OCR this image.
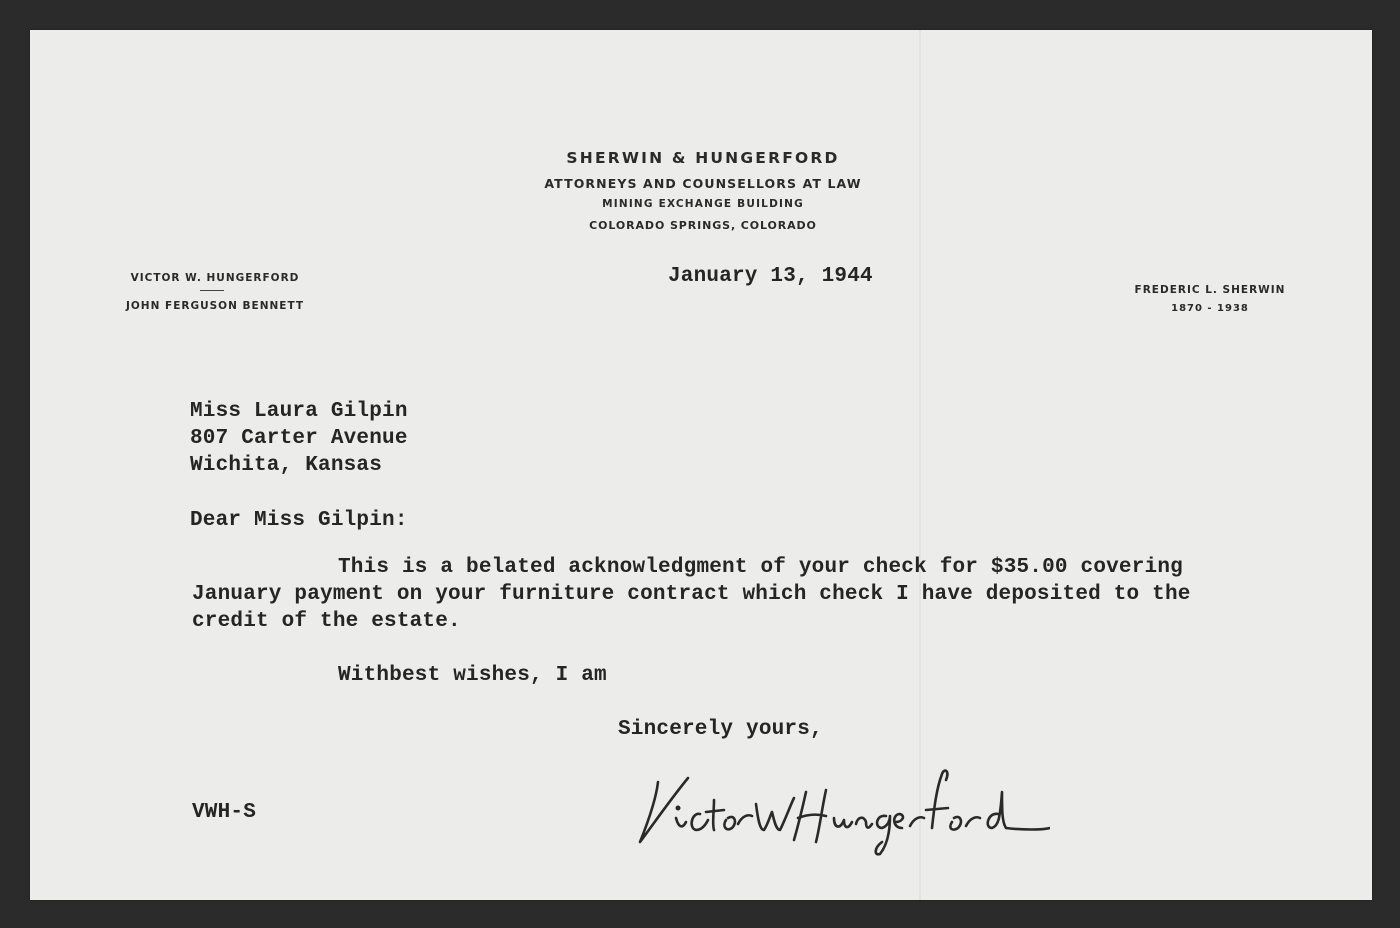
SHERWIN & HUNGERFORD
ATTORNEYS AND COUNSELLORS AT LAW
MINING EXCHANGE BUILDING
COLORADO SPRINGS, COLORADO
VICTOR W. HUNGERFORD
JOHN FERGUSON BENNETT
FREDERIC L. SHERWIN
1870 - 1938
January 13, 1944
Miss Laura Gilpin
807 Carter Avenue
Wichita, Kansas
Dear Miss Gilpin:
This is a belated acknowledgment of your check for $35.00 covering
January payment on your furniture contract which check I have deposited to the
credit of the estate.
Withbest wishes, I am
Sincerely yours,
VWH-S
